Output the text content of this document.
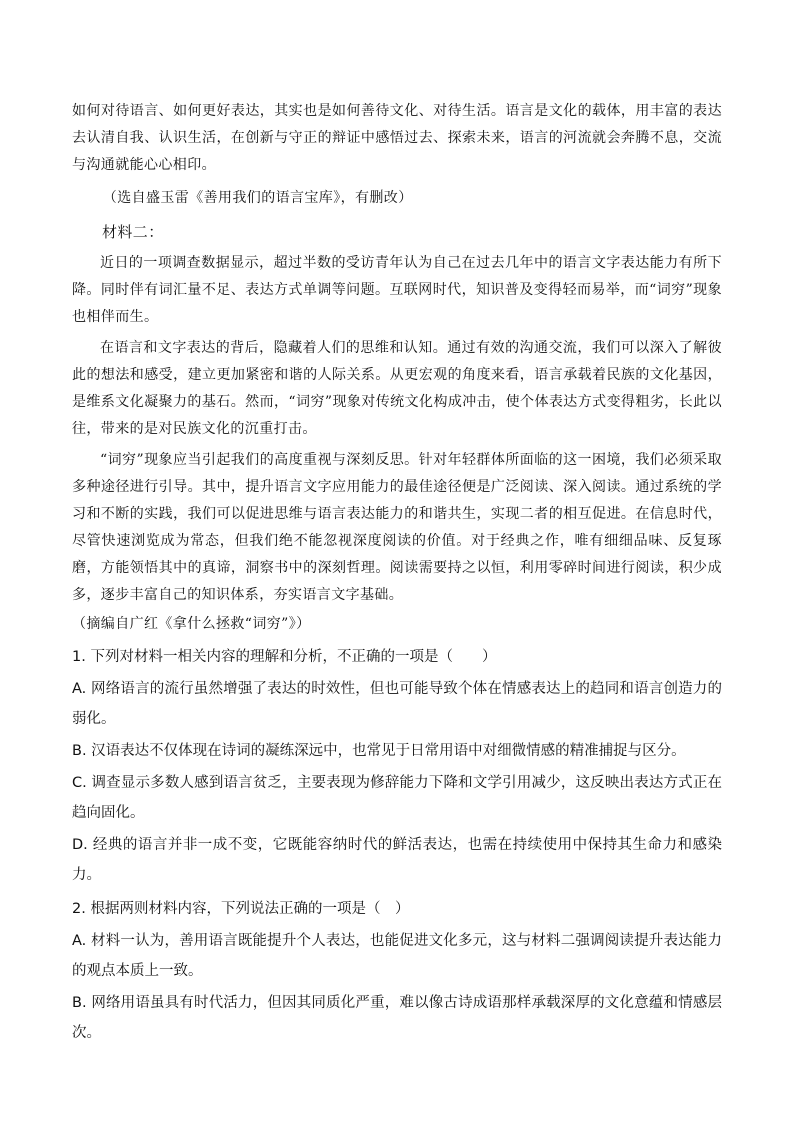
如何对待语言、如何更好表达，其实也是如何善待文化、对待生活。语言是文化的载体，用丰富的表达去认清自我、认识生活，在创新与守正的辩证中感悟过去、探索未来，语言的河流就会奔腾不息，交流与沟通就能心心相印。

（选自盛玉雷《善用我们的语言宝库》，有删改）

材料二：

近日的一项调查数据显示，超过半数的受访青年认为自己在过去几年中的语言文字表达能力有所下降。同时伴有词汇量不足、表达方式单调等问题。互联网时代，知识普及变得轻而易举，而“词穷”现象也相伴而生。

在语言和文字表达的背后，隐藏着人们的思维和认知。通过有效的沟通交流，我们可以深入了解彼此的想法和感受，建立更加紧密和谐的人际关系。从更宏观的角度来看，语言承载着民族的文化基因，是维系文化凝聚力的基石。然而，“词穷”现象对传统文化构成冲击，使个体表达方式变得粗劣，长此以往，带来的是对民族文化的沉重打击。

“词穷”现象应当引起我们的高度重视与深刻反思。针对年轻群体所面临的这一困境，我们必须采取多种途径进行引导。其中，提升语言文字应用能力的最佳途径便是广泛阅读、深入阅读。通过系统的学习和不断的实践，我们可以促进思维与语言表达能力的和谐共生，实现二者的相互促进。在信息时代，尽管快速浏览成为常态，但我们绝不能忽视深度阅读的价值。对于经典之作，唯有细细品味、反复琢磨，方能领悟其中的真谛，洞察书中的深刻哲理。阅读需要持之以恒，利用零碎时间进行阅读，积少成多，逐步丰富自己的知识体系，夯实语言文字基础。

（摘编自广红《拿什么拯救“词穷”》）

1. 下列对材料一相关内容的理解和分析，不正确的一项是（　　）

A. 网络语言的流行虽然增强了表达的时效性，但也可能导致个体在情感表达上的趋同和语言创造力的弱化。

B. 汉语表达不仅体现在诗词的凝练深远中，也常见于日常用语中对细微情感的精准捕捉与区分。

C. 调查显示多数人感到语言贫乏，主要表现为修辞能力下降和文学引用减少，这反映出表达方式正在趋向固化。

D. 经典的语言并非一成不变，它既能容纳时代的鲜活表达，也需在持续使用中保持其生命力和感染力。

2. 根据两则材料内容，下列说法正确的一项是（　）

A. 材料一认为，善用语言既能提升个人表达，也能促进文化多元，这与材料二强调阅读提升表达能力的观点本质上一致。

B. 网络用语虽具有时代活力，但因其同质化严重，难以像古诗成语那样承载深厚的文化意蕴和情感层次。
